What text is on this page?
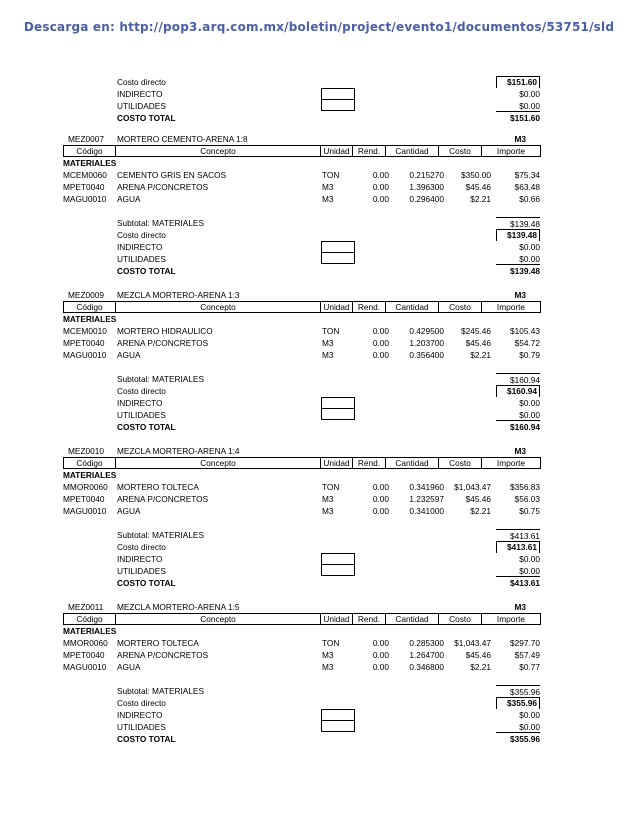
Descarga en: http://pop3.arq.com.mx/boletin/project/evento1/documentos/53751/sld
Costo directo	$151.60
INDIRECTO	$0.00
UTILIDADES	$0.00
COSTO TOTAL	$151.60
MEZ0007 MORTERO CEMENTO-ARENA 1:8	M3
Código	Concepto	Unidad Rend.	Cantidad	Costo	Importe
MATERIALES
MCEM0060 CEMENTO GRIS EN SACOS	TON	0.00	0.215270	$350.00	$75.34
MPET0040 ARENA P/CONCRETOS	M3	0.00	1.396300	$45.46	$63.48
MAGU0010 AGUA	M3	0.00	0.296400	$2.21	$0.66
Subtotal: MATERIALES	$139.48
Costo directo	$139.48
INDIRECTO	$0.00
UTILIDADES	$0.00
COSTO TOTAL	$139.48
MEZ0009 MEZCLA MORTERO-ARENA 1:3	M3
Código	Concepto	Unidad Rend.	Cantidad	Costo	Importe
MATERIALES
MCEM0010 MORTERO HIDRAULICO	TON	0.00	0.429500	$245.46	$105.43
MPET0040 ARENA P/CONCRETOS	M3	0.00	1.203700	$45.46	$54.72
MAGU0010 AGUA	M3	0.00	0.356400	$2.21	$0.79
Subtotal: MATERIALES	$160.94
Costo directo	$160.94
INDIRECTO	$0.00
UTILIDADES	$0.00
COSTO TOTAL	$160.94
MEZ0010 MEZCLA MORTERO-ARENA 1:4	M3
Código	Concepto	Unidad Rend.	Cantidad	Costo	Importe
MATERIALES
MMOR0060 MORTERO TOLTECA	TON	0.00	0.341960	$1,043.47	$356.83
MPET0040 ARENA P/CONCRETOS	M3	0.00	1.232597	$45.46	$56.03
MAGU0010 AGUA	M3	0.00	0.341000	$2.21	$0.75
Subtotal: MATERIALES	$413.61
Costo directo	$413.61
INDIRECTO	$0.00
UTILIDADES	$0.00
COSTO TOTAL	$413.61
MEZ0011 MEZCLA MORTERO-ARENA 1:5	M3
Código	Concepto	Unidad Rend.	Cantidad	Costo	Importe
MATERIALES
MMOR0060 MORTERO TOLTECA	TON	0.00	0.285300	$1,043.47	$297.70
MPET0040 ARENA P/CONCRETOS	M3	0.00	1.264700	$45.46	$57.49
MAGU0010 AGUA	M3	0.00	0.346800	$2.21	$0.77
Subtotal: MATERIALES	$355.96
Costo directo	$355.96
INDIRECTO	$0.00
UTILIDADES	$0.00
COSTO TOTAL	$355.96
